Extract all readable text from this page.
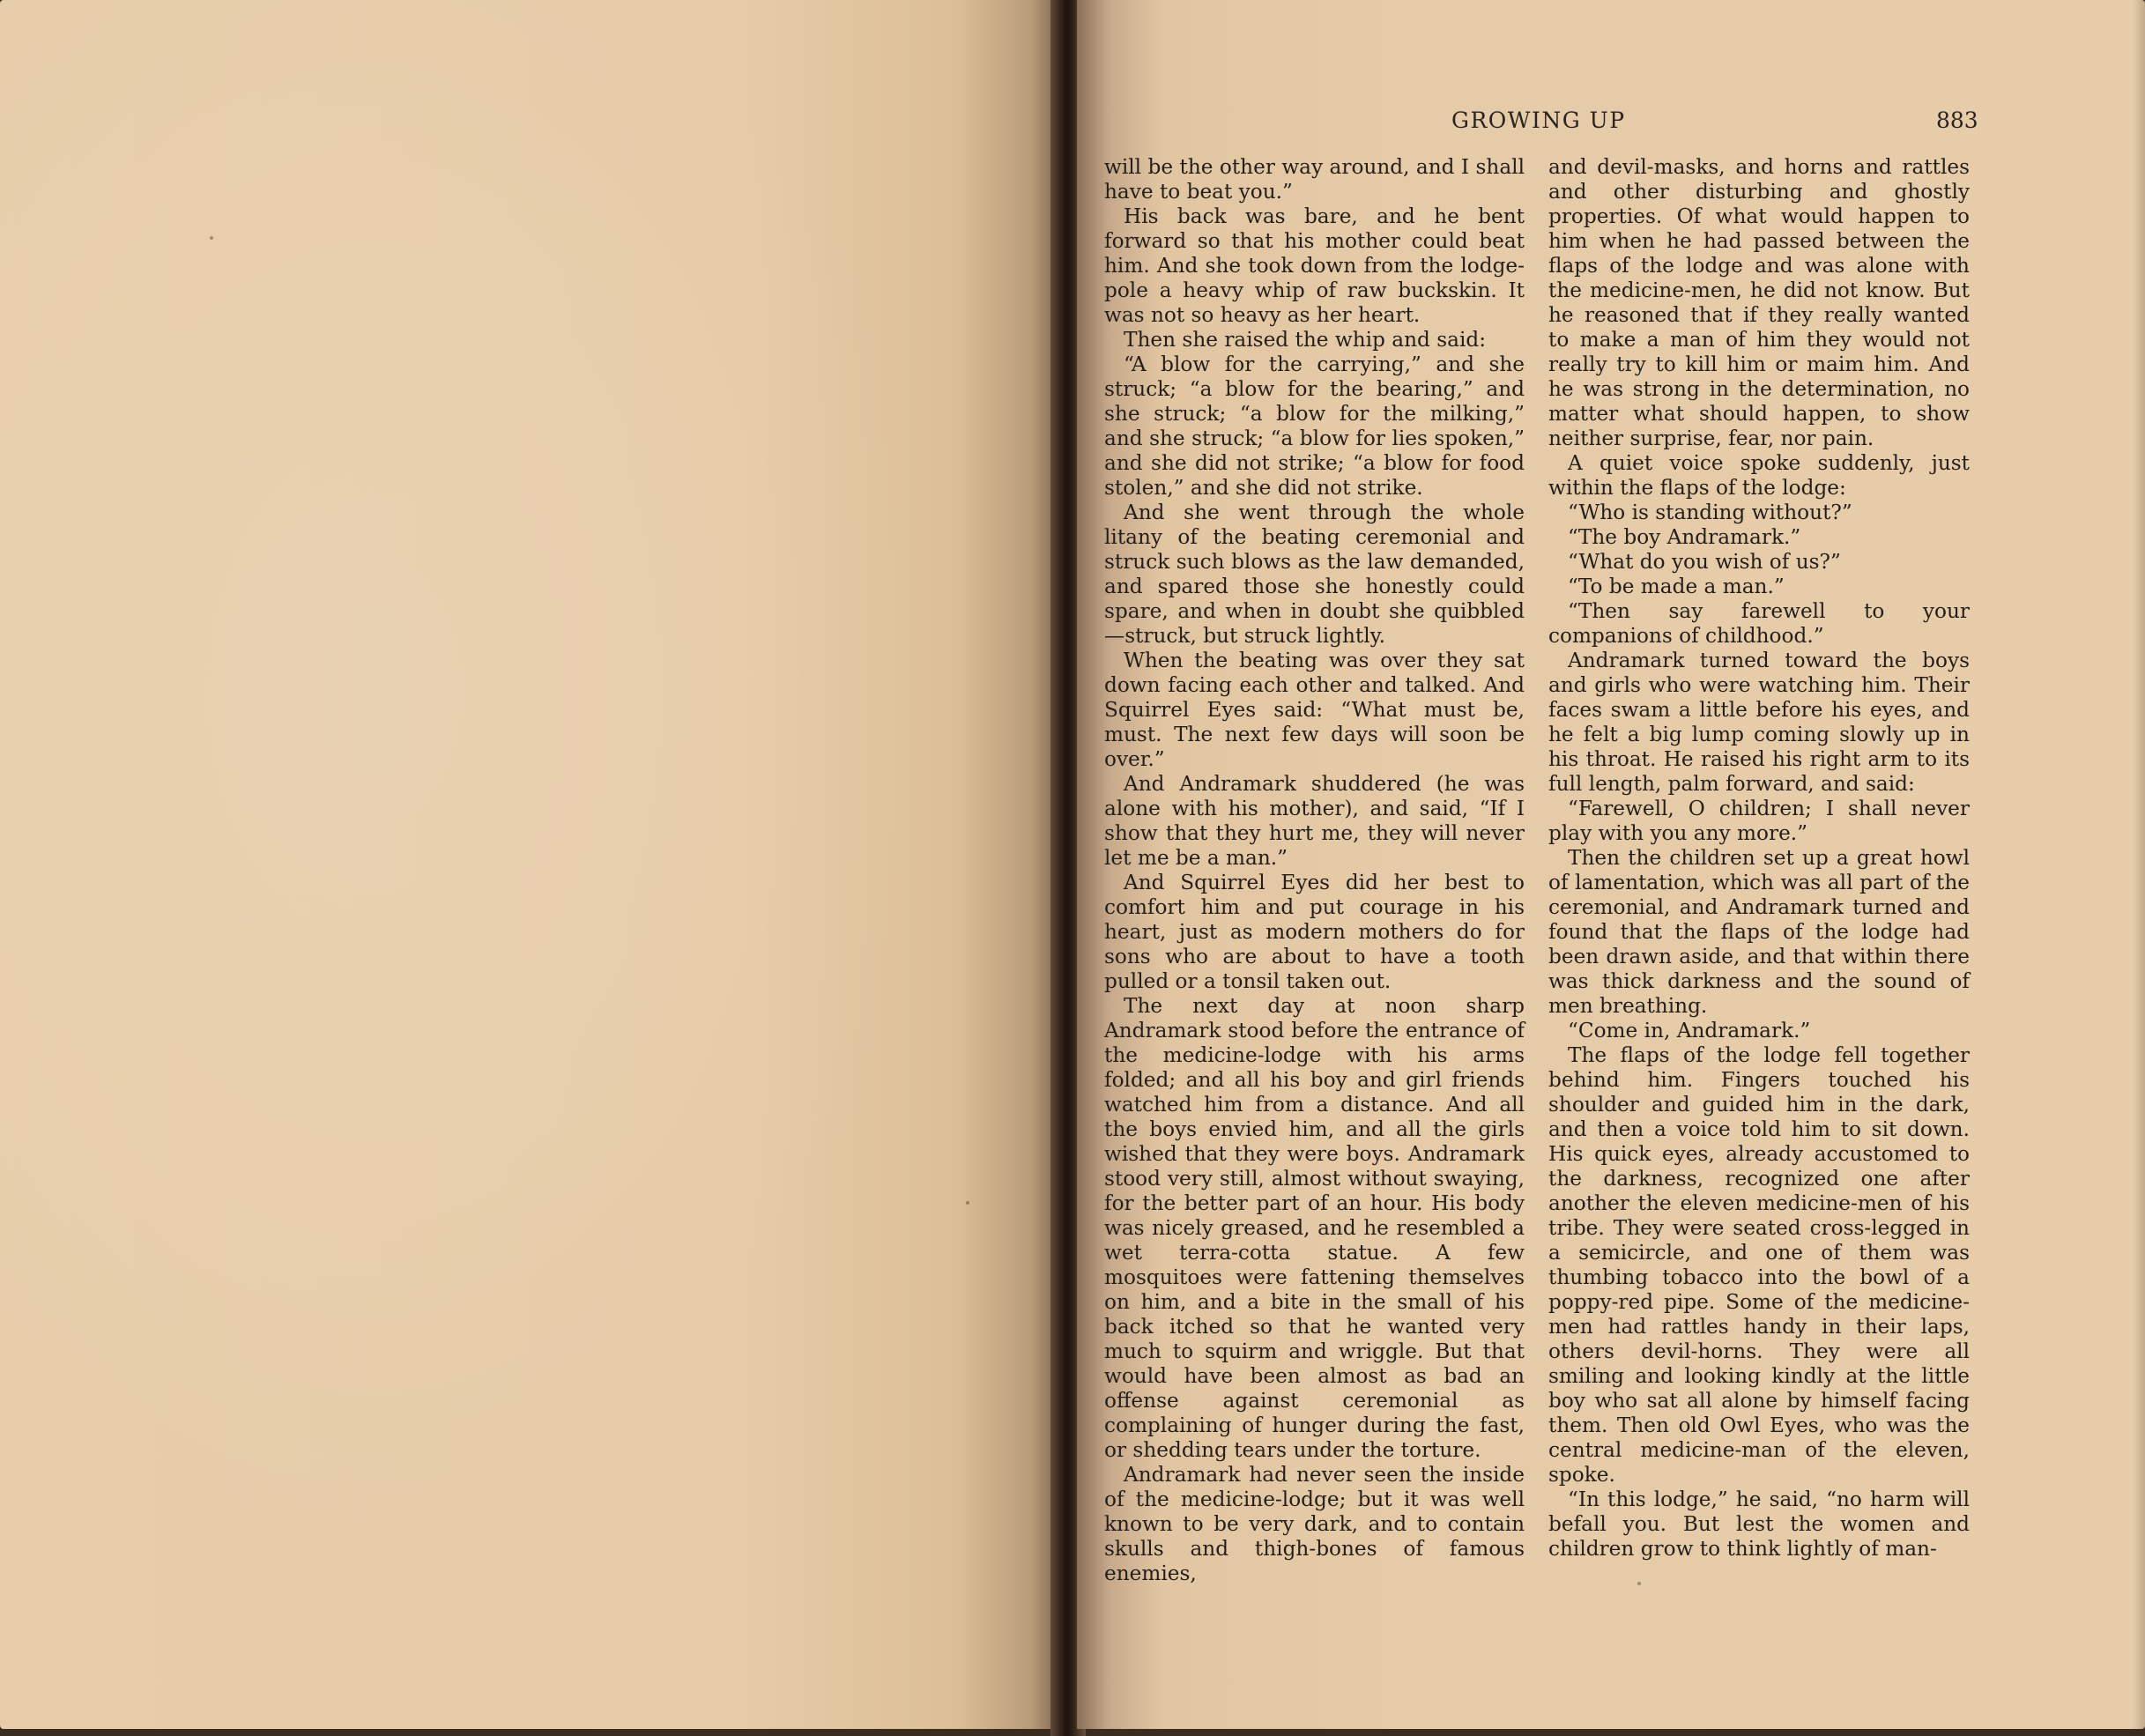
GROWING UP	883

will be the other way around, and I shall have to beat you.”

His back was bare, and he bent forward so that his mother could beat him. And she took down from the lodge-pole a heavy whip of raw buckskin. It was not so heavy as her heart.

Then she raised the whip and said:

“A blow for the carrying,” and she struck; “a blow for the bearing,” and she struck; “a blow for the milking,” and she struck; “a blow for lies spoken,” and she did not strike; “a blow for food stolen,” and she did not strike.

And she went through the whole litany of the beating ceremonial and struck such blows as the law demanded, and spared those she honestly could spare, and when in doubt she quibbled—struck, but struck lightly.

When the beating was over they sat down facing each other and talked. And Squirrel Eyes said: “What must be, must. The next few days will soon be over.”

And Andramark shuddered (he was alone with his mother), and said, “If I show that they hurt me, they will never let me be a man.”

And Squirrel Eyes did her best to comfort him and put courage in his heart, just as modern mothers do for sons who are about to have a tooth pulled or a tonsil taken out.

The next day at noon sharp Andramark stood before the entrance of the medicine-lodge with his arms folded; and all his boy and girl friends watched him from a distance. And all the boys envied him, and all the girls wished that they were boys. Andramark stood very still, almost without swaying, for the better part of an hour. His body was nicely greased, and he resembled a wet terra-cotta statue. A few mosquitoes were fattening themselves on him, and a bite in the small of his back itched so that he wanted very much to squirm and wriggle. But that would have been almost as bad an offense against ceremonial as complaining of hunger during the fast, or shedding tears under the torture.

Andramark had never seen the inside of the medicine-lodge; but it was well known to be very dark, and to contain skulls and thigh-bones of famous enemies,

and devil-masks, and horns and rattles and other disturbing and ghostly properties. Of what would happen to him when he had passed between the flaps of the lodge and was alone with the medicine-men, he did not know. But he reasoned that if they really wanted to make a man of him they would not really try to kill him or maim him. And he was strong in the determination, no matter what should happen, to show neither surprise, fear, nor pain.

A quiet voice spoke suddenly, just within the flaps of the lodge:

“Who is standing without?”

“The boy Andramark.”

“What do you wish of us?”

“To be made a man.”

“Then say farewell to your companions of childhood.”

Andramark turned toward the boys and girls who were watching him. Their faces swam a little before his eyes, and he felt a big lump coming slowly up in his throat. He raised his right arm to its full length, palm forward, and said:

“Farewell, O children; I shall never play with you any more.”

Then the children set up a great howl of lamentation, which was all part of the ceremonial, and Andramark turned and found that the flaps of the lodge had been drawn aside, and that within there was thick darkness and the sound of men breathing.

“Come in, Andramark.”

The flaps of the lodge fell together behind him. Fingers touched his shoulder and guided him in the dark, and then a voice told him to sit down. His quick eyes, already accustomed to the darkness, recognized one after another the eleven medicine-men of his tribe. They were seated cross-legged in a semicircle, and one of them was thumbing tobacco into the bowl of a poppy-red pipe. Some of the medicine-men had rattles handy in their laps, others devil-horns. They were all smiling and looking kindly at the little boy who sat all alone by himself facing them. Then old Owl Eyes, who was the central medicine-man of the eleven, spoke.

“In this lodge,” he said, “no harm will befall you. But lest the women and children grow to think lightly of man-
